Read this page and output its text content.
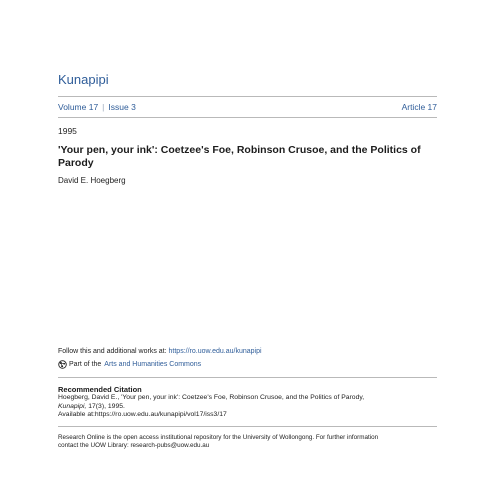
Kunapipi
Volume 17 | Issue 3	Article 17
1995
'Your pen, your ink': Coetzee's Foe, Robinson Crusoe, and the Politics of Parody
David E. Hoegberg
Follow this and additional works at: https://ro.uow.edu.au/kunapipi
Part of the Arts and Humanities Commons
Recommended Citation
Hoegberg, David E., 'Your pen, your ink': Coetzee's Foe, Robinson Crusoe, and the Politics of Parody,
Kunapipi, 17(3), 1995.
Available at:https://ro.uow.edu.au/kunapipi/vol17/iss3/17
Research Online is the open access institutional repository for the University of Wollongong. For further information
contact the UOW Library: research-pubs@uow.edu.au
